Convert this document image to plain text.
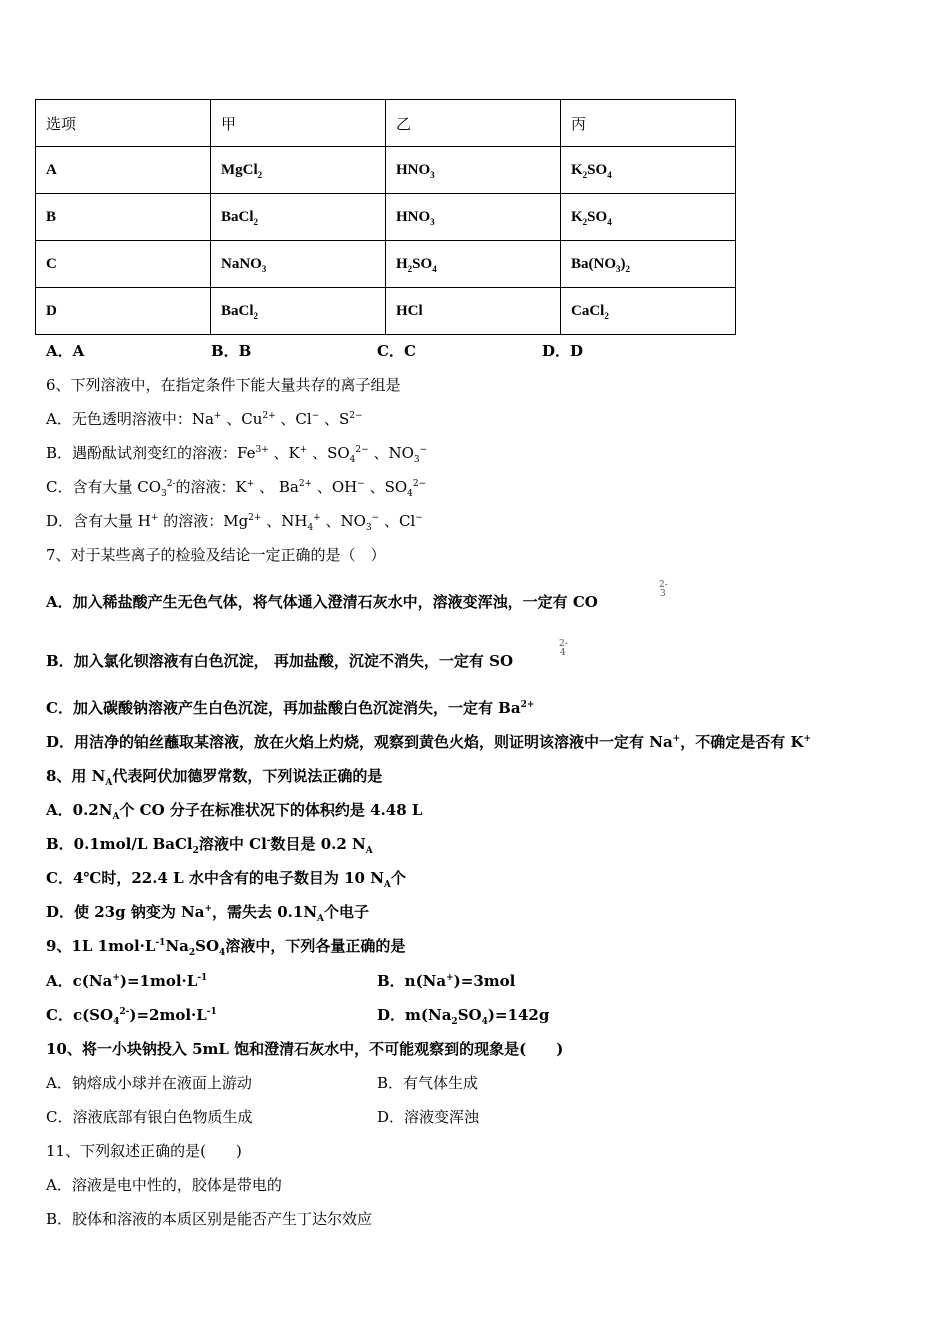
选项	甲	乙	丙
A	MgCl$_2$	$HNO_3$	$K_2SO_4$
B	BaCl$_2$	$HNO_3$	$K_2SO_4$
C	NaNO$_3$	$H_2SO_4$	$Ba(NO_3)_2$
D	BaCl$_2$	HCl	CaCl$_2$
A．A	B．B	C．C	D．D
6、下列溶液中，在指定条件下能大量共存的离子组是
A．无色透明溶液中：Na+ 、$Cu^{2+}$ 、Cl− 、$S^{2-}$
B．遇酚酞试剂变红的溶液：$Fe^{3+}$ 、K+ 、$SO_4^{2-}$ 、$NO_3^-$
C．含有大量 $CO_3^{2-}$的溶液：K+ 、 $Ba^{2+}$ 、OH− 、$SO_4^{2-}$
D．含有大量 H+ 的溶液：$Mg^{2+}$ 、$NH_4^+$ 、$NO_3^-$ 、Cl−
7、对于某些离子的检验及结论一定正确的是（　）
A．加入稀盐酸产生无色气体，将气体通入澄清石灰水中，溶液变浑浊，一定有 CO
2-
3
B．加入氯化钡溶液有白色沉淀， 再加盐酸，沉淀不消失，一定有 SO
2-
4
C．加入碳酸钠溶液产生白色沉淀，再加盐酸白色沉淀消失，一定有 $Ba^{2+}$
D．用洁净的铂丝蘸取某溶液，放在火焰上灼烧，观察到黄色火焰，则证明该溶液中一定有 Na+，不确定是否有 K+
8、用 $N_A$代表阿伏加德罗常数，下列说法正确的是
A．$0.2N_A$个 CO 分子在标准状况下的体积约是 4.48 L
B．0.1mol/L BaCl$_2$溶液中 Cl-数目是 0.2 $N_A$
C．4℃时，22.4 L 水中含有的电子数目为 10 $N_A$个
D．使 23g 钠变为 Na+，需失去 $0.1N_A$个电子
9、1L $1mol\cdot L^{-1}Na_2SO_4$溶液中，下列各量正确的是
A．$c(Na^+)=1mol\cdot L^{-1}$	B．n(Na+)=3mol
C．$c(SO_4^{2-})=2mol\cdot L^{-1}$	D．$m(Na_2SO_4)=142g$
10、将一小块钠投入 5mL 饱和澄清石灰水中，不可能观察到的现象是(　　)
A．钠熔成小球并在液面上游动	B．有气体生成
C．溶液底部有银白色物质生成	D．溶液变浑浊
11、下列叙述正确的是(　　)
A．溶液是电中性的，胶体是带电的
B．胶体和溶液的本质区别是能否产生丁达尔效应
